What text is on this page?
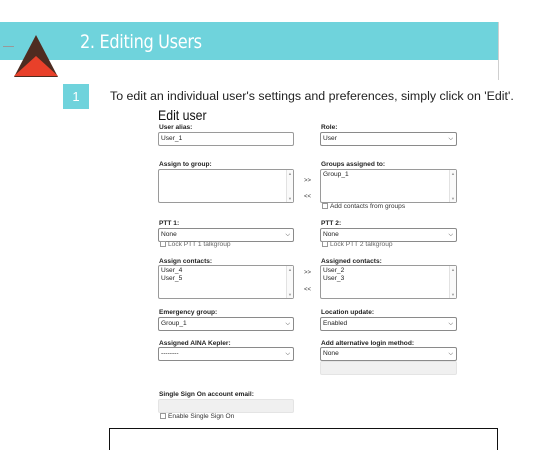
2. Editing Users
1	To edit an individual user's settings and preferences, simply click on 'Edit'.
Edit user
User alias:
User_1
Role:
User	⌵
Assign to group:
▲
▼
>>
<<
Groups assigned to:
Group_1	▲
▼
Add contacts from groups
PTT 1:
None	⌵
Lock PTT 1 talkgroup
PTT 2:
None	⌵
Lock PTT 2 talkgroup
Assign contacts:
User_4
User_5
▲
▼
>>
<<
Assigned contacts:
User_2
User_3
▲
▼
Emergency group:
Group_1	⌵
Location update:
Enabled	⌵
Assigned AINA Kepler:
--------	⌵
Add alternative login method:
None	⌵
Single Sign On account email:
Enable Single Sign On
